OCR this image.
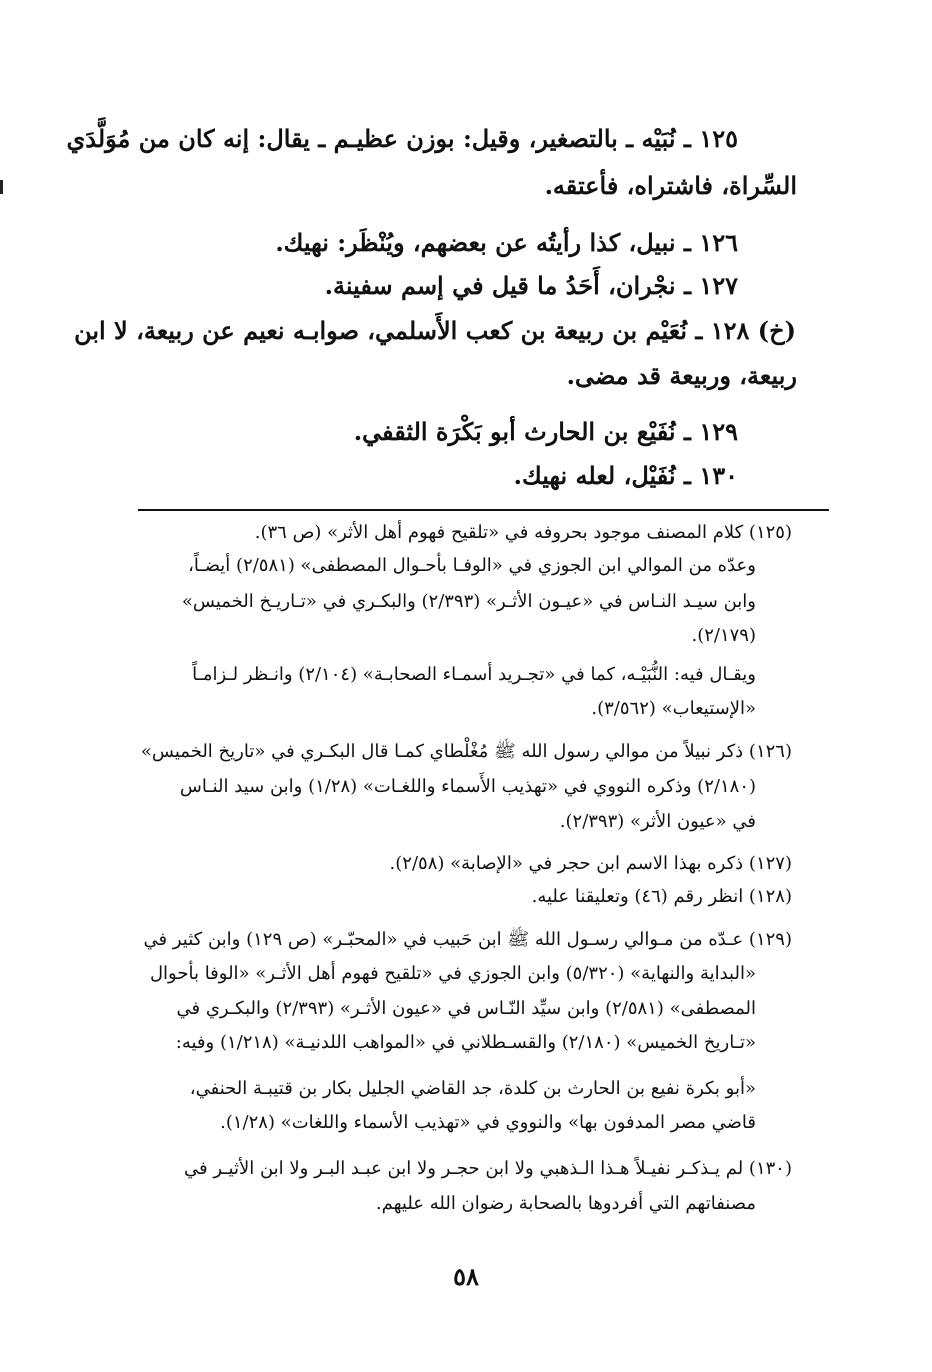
١٢٥ ـ نُبَيْه ـ بالتصغير، وقيل: بوزن عظيـم ـ يقال: إنه كان من مُوَلَّدَي
السِّراة، فاشتراه، فأعتقه.
١٢٦ ـ نبيل، كذا رأيتُه عن بعضهم، ويُنْظَر: نهيك.
١٢٧ ـ نجْران، أَحَدُ ما قيل في إسم سفينة.
(خ) ١٢٨ ـ نُعَيْم بن ربيعة بن كعب الأَسلمي، صوابـه نعيم عن ربيعة، لا ابن
ربيعة، وربيعة قد مضى.
١٢٩ ـ نُفَيْع بن الحارث أبو بَكْرَة الثقفي.
١٣٠ ـ نُفَيْل، لعله نهيك.
(١٢٥) كلام المصنف موجود بحروفه في «تلقيح فهوم أهل الأثر» (ص ٣٦).
وعدّه من الموالي ابن الجوزي في «الوفـا بأحـوال المصطفى» (٢/٥٨١) أيضـاً،
وابن سيـد النـاس في «عيـون الأثـر» (٢/٣٩٣) والبكـري في «تـاريـخ الخميس»
(٢/١٧٩).
ويقـال فيه: النُّبَيْـه، كما في «تجـريد أسمـاء الصحابـة» (٢/١٠٤) وانـظر لـزامـاً
«الإستيعاب» (٣/٥٦٢).
(١٢٦) ذكر نبيلاً من موالي رسول الله ﷺ مُغْلْطاي كمـا قال البكـري في «تاريخ الخميس»
(٢/١٨٠) وذكره النووي في «تهذيب الأَسماء واللغـات» (١/٢٨) وابن سيد النـاس
في «عيون الأثر» (٢/٣٩٣).
(١٢٧) ذكره بهذا الاسم ابن حجر في «الإصابة» (٢/٥٨).
(١٢٨) انظر رقم (٤٦) وتعليقنا عليه.
(١٢٩) عـدّه من مـوالي رسـول الله ﷺ ابن حَبيب في «المحبّـر» (ص ١٢٩) وابن كثير في
«البداية والنهاية» (٥/٣٢٠) وابن الجوزي في «تلقيح فهوم أهل الأثـر» «الوفا بأحوال
المصطفى» (٢/٥٨١) وابن سيِّد النّـاس في «عيون الأثـر» (٢/٣٩٣) والبكـري في
«تـاريخ الخميس» (٢/١٨٠) والقسـطلاني في «المواهب اللدنيـة» (١/٢١٨) وفيه:
«أبو بكرة نفيع بن الحارث بن كلدة، جد القاضي الجليل بكار بن قتيبـة الحنفي،
قاضي مصر المدفون بها» والنووي في «تهذيب الأسماء واللغات» (١/٢٨).
(١٣٠) لم يـذكـر نفيـلاً هـذا الـذهبي ولا ابن حجـر ولا ابن عبـد البـر ولا ابن الأثيـر في
مصنفاتهم التي أفردوها بالصحابة رضوان الله عليهم.
٥٨
